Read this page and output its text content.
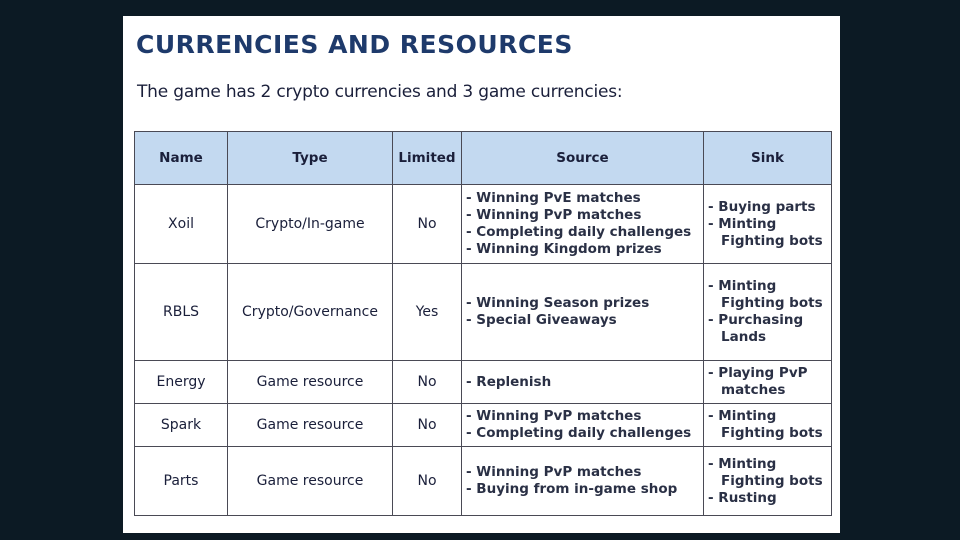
CURRENCIES AND RESOURCES

The game has 2 crypto currencies and 3 game currencies:

Name	Type	Limited	Source	Sink
Xoil	Crypto/In-game	No	- Winning PvE matches
- Winning PvP matches
- Completing daily challenges
- Winning Kingdom prizes	- Buying parts
- Minting Fighting bots

RBLS	Crypto/Governance	Yes	- Winning Season prizes
- Special Giveaways	- Minting Fighting bots
- Purchasing Lands

Energy	Game resource	No	- Replenish	- Playing PvP matches

Spark	Game resource	No	- Winning PvP matches
- Completing daily challenges	- Minting Fighting bots

Parts	Game resource	No	- Winning PvP matches
- Buying from in-game shop	- Minting Fighting bots
- Rusting
